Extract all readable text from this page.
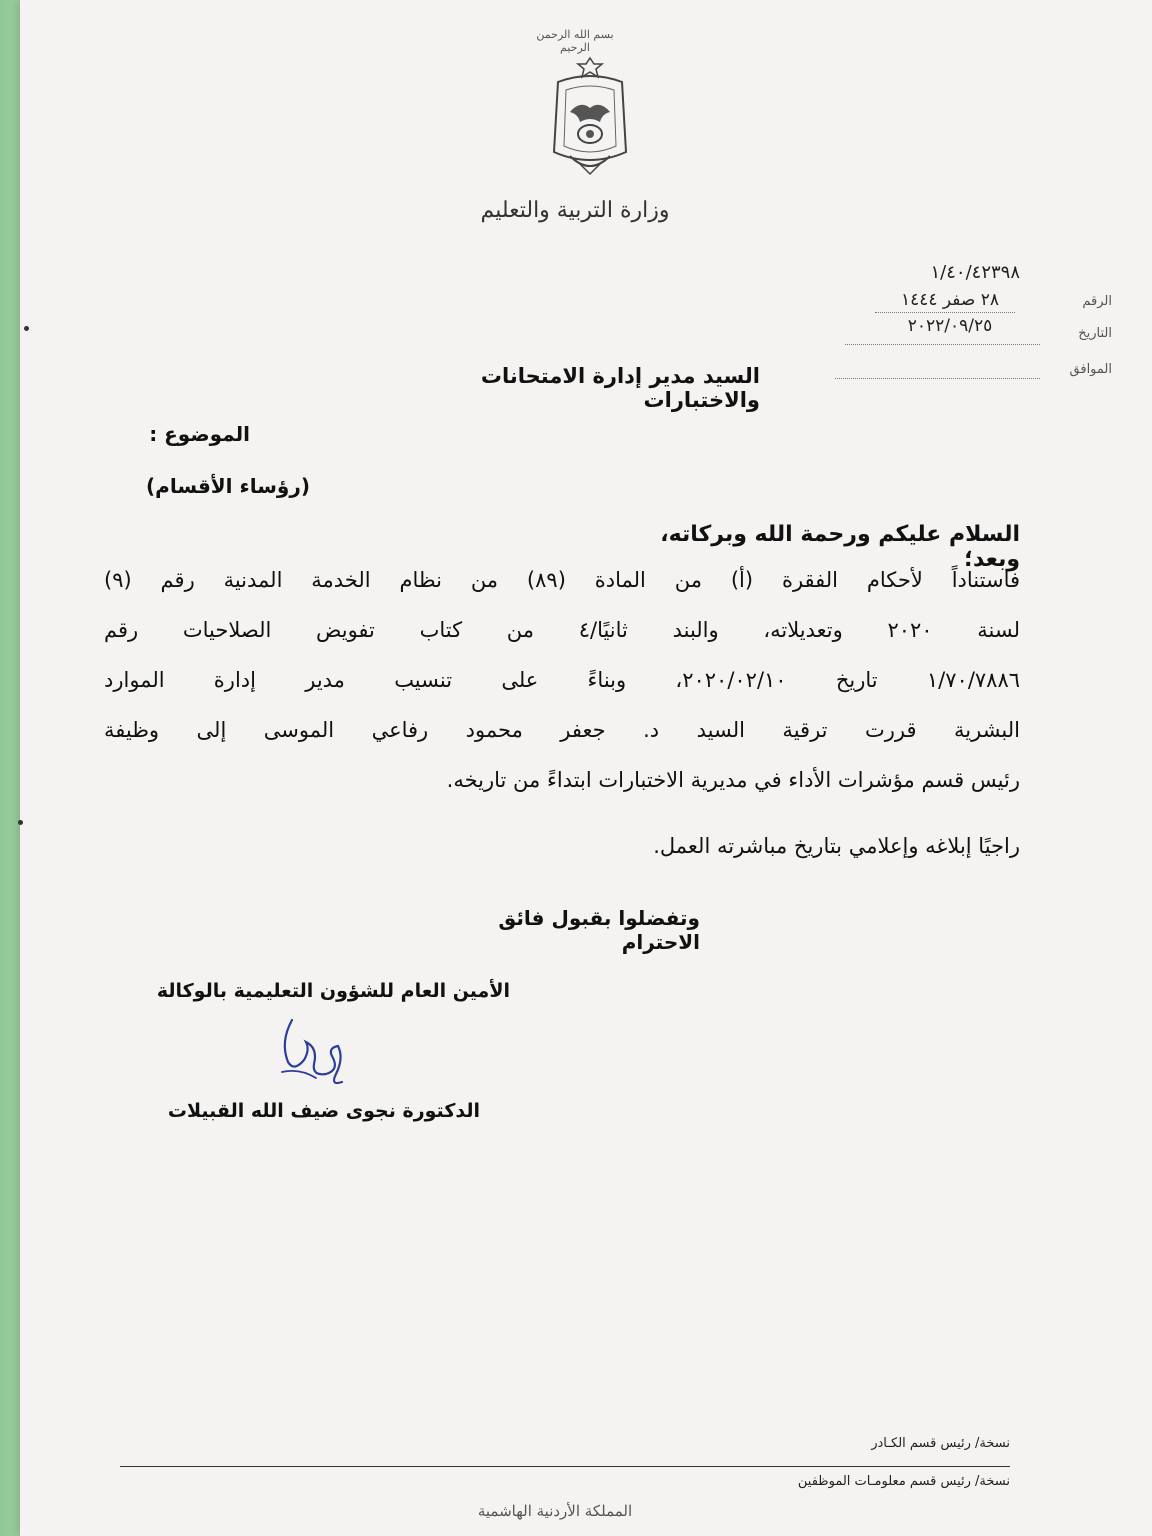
بسم الله الرحمن الرحيم
وزارة التربية والتعليم
١/٤٠/٤٢٣٩٨
الرقم
٢٨ صفر ١٤٤٤
التاريخ
٢٠٢٢/٠٩/٢٥
الموافق
السيد مدير إدارة الامتحانات والاختبارات
الموضوع :
(رؤساء الأقسام)
السلام عليكم ورحمة الله وبركاته، وبعد؛
فاستناداً لأحكام الفقرة (أ) من المادة (٨٩) من نظام الخدمة المدنية رقم (٩)
لسنة ٢٠٢٠ وتعديلاته، والبند ثانيًا/٤ من كتاب تفويض الصلاحيات رقم
١/٧٠/٧٨٨٦ تاريخ ٢٠٢٠/٠٢/١٠، وبناءً على تنسيب مدير إدارة الموارد
البشرية قررت ترقية السيد د. جعفر محمود رفاعي الموسى إلى وظيفة
رئيس قسم مؤشرات الأداء في مديرية الاختبارات ابتداءً من تاريخه.
راجيًا إبلاغه وإعلامي بتاريخ مباشرته العمل.
وتفضلوا بقبول فائق الاحترام
الأمين العام للشؤون التعليمية بالوكالة
الدكتورة نجوى ضيف الله القبيلات
نسخة/ رئيس قسم الكـادر
نسخة/ رئيس قسم معلومـات الموظفين
المملكة الأردنية الهاشمية
